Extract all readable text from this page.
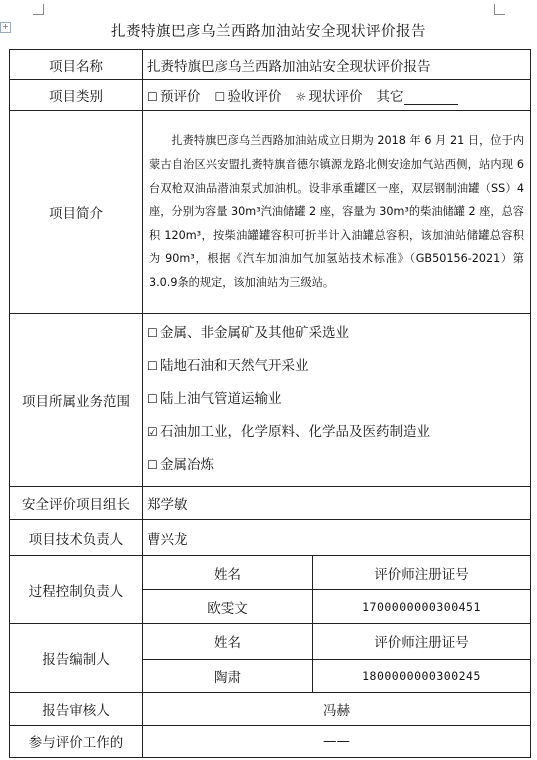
+	扎赉特旗巴彦乌兰西路加油站安全现状评价报告
项目名称	扎赉特旗巴彦乌兰西路加油站安全现状评价报告	
项目类别	☐ 预评价 ☐ 验收评价 ☼ 现状评价 其它	
项目简介	扎赉特旗巴彦乌兰西路加油站成立日期为 2018 年 6 月 21 日，位于内蒙古自治区兴安盟扎赉特旗音德尔镇源龙路北侧安途加气站西侧，站内现 6 台双枪双油品潜油泵式加油机。设非承重罐区一座，双层钢制油罐（SS）4 座，分别为容量 30m³汽油储罐 2 座，容量为 30m³的柴油储罐 2 座，总容积 120m³，按柴油罐罐容积可折半计入油罐总容积，该加油站储罐总容积为 90m³，根据《汽车加油加气加氢站技术标准》（GB50156-2021）第 3.0.9条的规定，该加油站为三级站。	
项目所属业务范围	☐ 金属、非金属矿及其他矿采选业
☐ 陆地石油和天然气开采业
☐ 陆上油气管道运输业
☑ 石油加工业，化学原料、化学品及医药制造业
☐ 金属冶炼	

安全评价项目组长	郑学敏	
项目技术负责人	曹兴龙	
过程控制负责人	姓名	评价师注册证号
	欧雯文	1700000000300451
报告编制人	姓名	评价师注册证号
	陶肃	1800000000300245
报告审核人	冯赫	
参与评价工作的	——	
